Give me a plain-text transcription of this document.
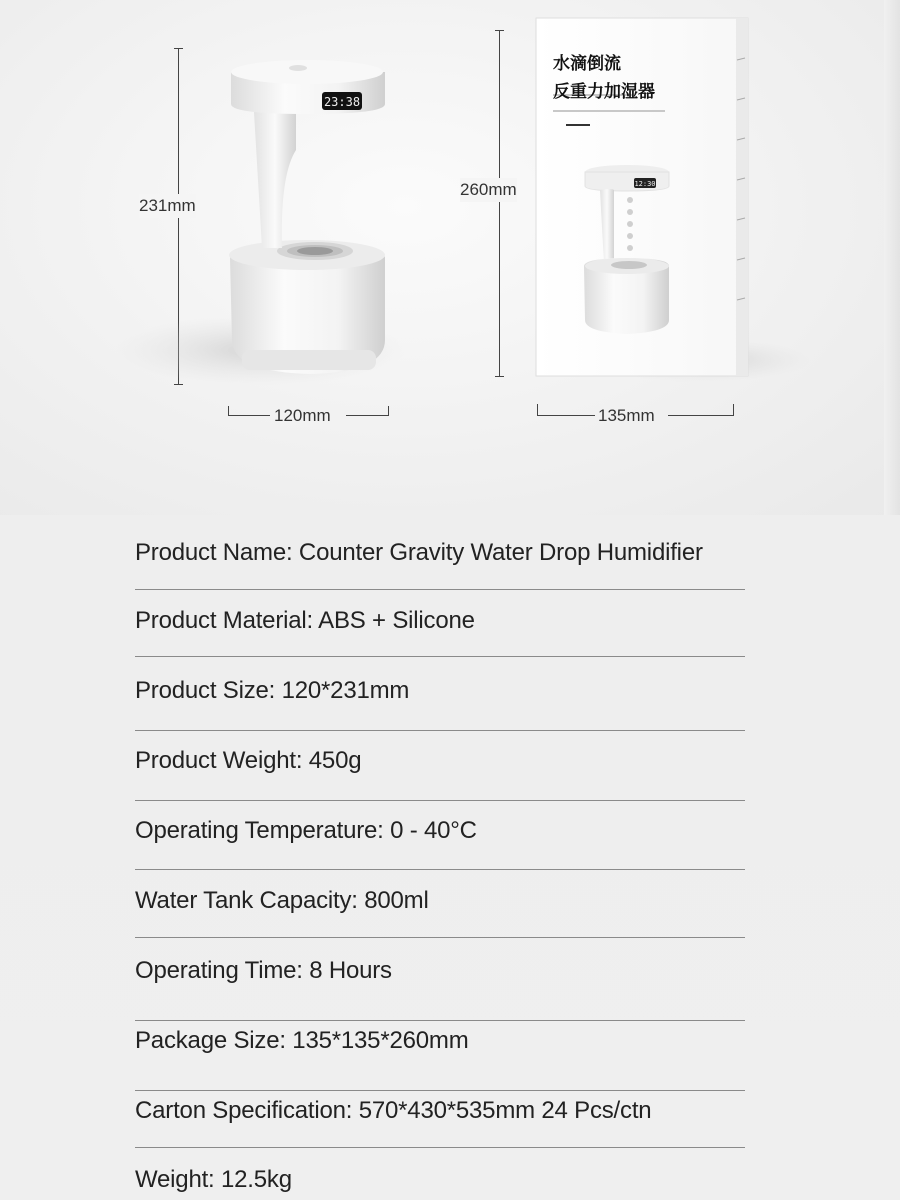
231mm
120mm
260mm
135mm
23:38
12:30
水滴倒流
反重力加湿器
Product Name: Counter Gravity Water Drop Humidifier
Product Material: ABS + Silicone
Product Size: 120*231mm
Product Weight: 450g
Operating Temperature: 0 - 40°C
Water Tank Capacity: 800ml
Operating Time: 8 Hours
Package Size: 135*135*260mm
Carton Specification: 570*430*535mm 24 Pcs/ctn
Weight: 12.5kg
